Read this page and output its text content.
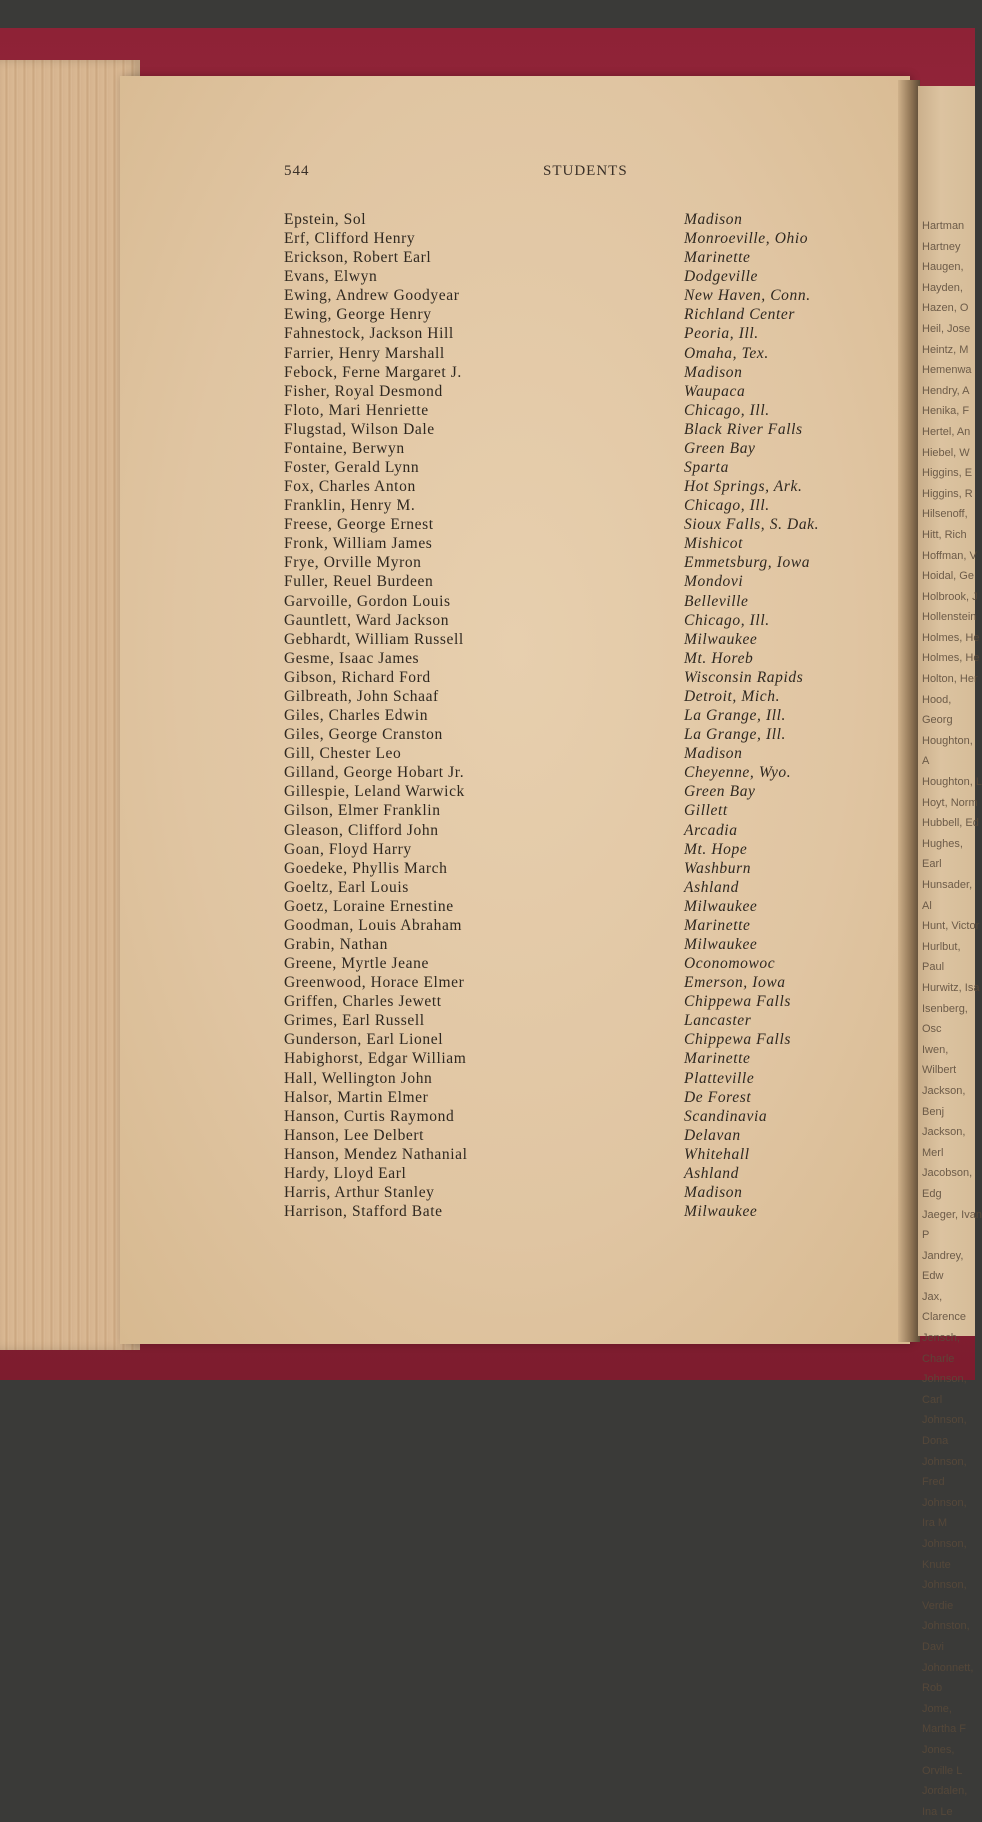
Hartman
Hartney
Haugen,
Hayden,
Hazen, O
Heil, Jose
Heintz, M
Hemenwa
Hendry, A
Henika, F
Hertel, An
Hiebel, W
Higgins, E
Higgins, R
Hilsenoff,
Hitt, Rich
Hoffman, V
Hoidal, Ge
Holbrook, J
Hollenstein
Holmes, He
Holmes, He
Holton, Her
Hood, Georg
Houghton, A
Houghton, L
Hoyt, Norm
Hubbell, Ed
Hughes, Earl
Hunsader, Al
Hunt, Victor
Hurlbut, Paul
Hurwitz, Isa
Isenberg, Osc
Iwen, Wilbert
Jackson, Benj
Jackson, Merl
Jacobson, Edg
Jaeger, Ivan P
Jandrey, Edw
Jax, Clarence
Jensch, Charle
Johnson, Carl
Johnson, Dona
Johnson, Fred
Johnson, Ira M
Johnson, Knute
Johnson, Verdie
Johnston, Davi
Johonnett, Rob
Jome, Martha F
Jones, Orville L
Jordalen, Ina Le
544	STUDENTS
Epstein, Sol	Madison
Erf, Clifford Henry	Monroeville, Ohio
Erickson, Robert Earl	Marinette
Evans, Elwyn	Dodgeville
Ewing, Andrew Goodyear	New Haven, Conn.
Ewing, George Henry	Richland Center
Fahnestock, Jackson Hill	Peoria, Ill.
Farrier, Henry Marshall	Omaha, Tex.
Febock, Ferne Margaret J.	Madison
Fisher, Royal Desmond	Waupaca
Floto, Mari Henriette	Chicago, Ill.
Flugstad, Wilson Dale	Black River Falls
Fontaine, Berwyn	Green Bay
Foster, Gerald Lynn	Sparta
Fox, Charles Anton	Hot Springs, Ark.
Franklin, Henry M.	Chicago, Ill.
Freese, George Ernest	Sioux Falls, S. Dak.
Fronk, William James	Mishicot
Frye, Orville Myron	Emmetsburg, Iowa
Fuller, Reuel Burdeen	Mondovi
Garvoille, Gordon Louis	Belleville
Gauntlett, Ward Jackson	Chicago, Ill.
Gebhardt, William Russell	Milwaukee
Gesme, Isaac James	Mt. Horeb
Gibson, Richard Ford	Wisconsin Rapids
Gilbreath, John Schaaf	Detroit, Mich.
Giles, Charles Edwin	La Grange, Ill.
Giles, George Cranston	La Grange, Ill.
Gill, Chester Leo	Madison
Gilland, George Hobart Jr.	Cheyenne, Wyo.
Gillespie, Leland Warwick	Green Bay
Gilson, Elmer Franklin	Gillett
Gleason, Clifford John	Arcadia
Goan, Floyd Harry	Mt. Hope
Goedeke, Phyllis March	Washburn
Goeltz, Earl Louis	Ashland
Goetz, Loraine Ernestine	Milwaukee
Goodman, Louis Abraham	Marinette
Grabin, Nathan	Milwaukee
Greene, Myrtle Jeane	Oconomowoc
Greenwood, Horace Elmer	Emerson, Iowa
Griffen, Charles Jewett	Chippewa Falls
Grimes, Earl Russell	Lancaster
Gunderson, Earl Lionel	Chippewa Falls
Habighorst, Edgar William	Marinette
Hall, Wellington John	Platteville
Halsor, Martin Elmer	De Forest
Hanson, Curtis Raymond	Scandinavia
Hanson, Lee Delbert	Delavan
Hanson, Mendez Nathanial	Whitehall
Hardy, Lloyd Earl	Ashland
Harris, Arthur Stanley	Madison
Harrison, Stafford Bate	Milwaukee
